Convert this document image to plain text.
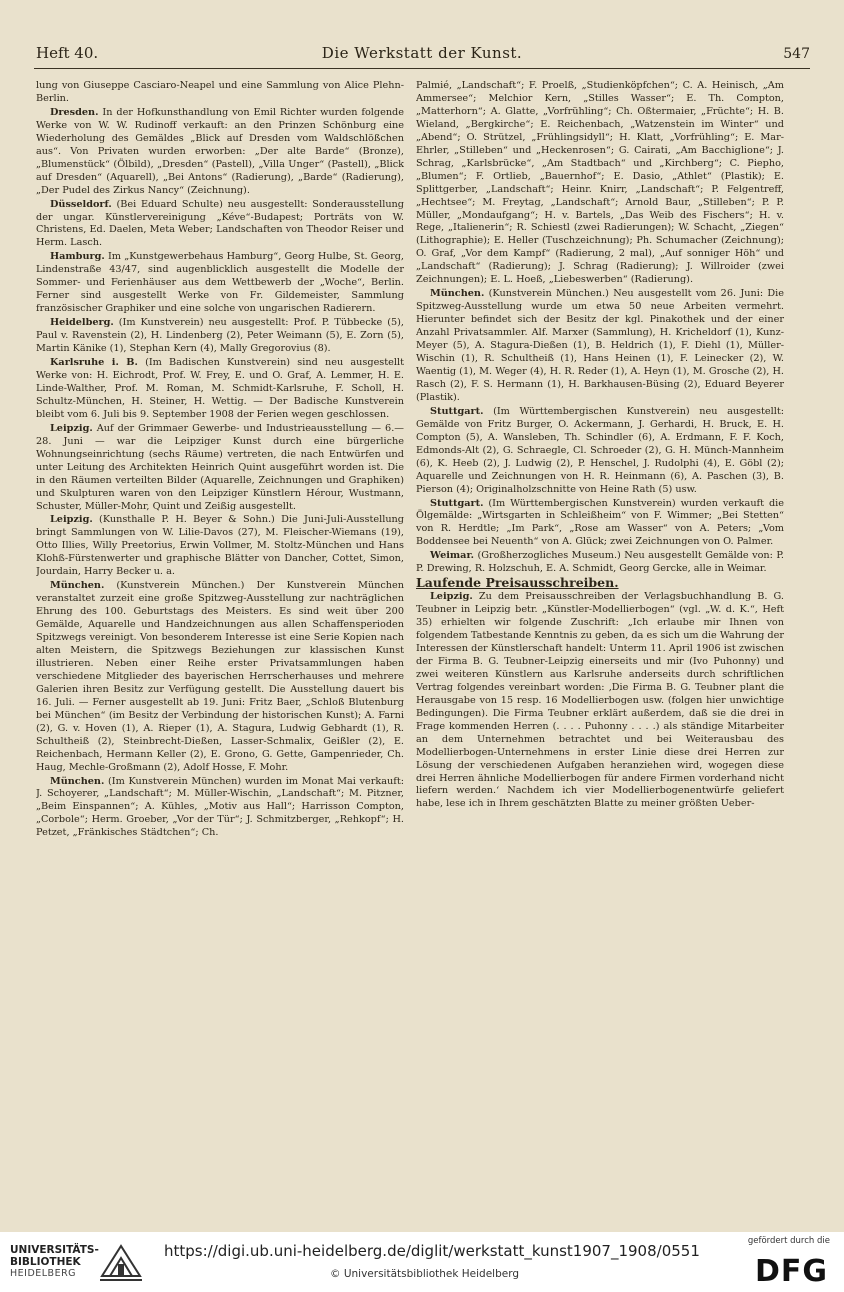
Heft 40.	Die Werkstatt der Kunst.	547

lung von Giuseppe Casciaro-Neapel und eine Sammlung von Alice Plehn-Berlin.

Dresden. In der Hofkunsthandlung von Emil Richter wurden folgende Werke von W. W. Rudinoff verkauft: an den Prinzen Schönburg eine Wiederholung des Gemäldes „Blick auf Dresden vom Waldschlößchen aus“. Von Privaten wurden erworben: „Der alte Barde“ (Bronze), „Blumenstück“ (Ölbild), „Dresden“ (Pastell), „Villa Unger“ (Pastell), „Blick auf Dresden“ (Aquarell), „Bei Antons“ (Radierung), „Barde“ (Radierung), „Der Pudel des Zirkus Nancy“ (Zeichnung).

Düsseldorf. (Bei Eduard Schulte) neu ausgestellt: Sonderausstellung der ungar. Künstlervereinigung „Kéve“-Budapest; Porträts von W. Christens, Ed. Daelen, Meta Weber; Landschaften von Theodor Reiser und Herm. Lasch.

Hamburg. Im „Kunstgewerbehaus Hamburg“, Georg Hulbe, St. Georg, Lindenstraße 43/47, sind augenblicklich ausgestellt die Modelle der Sommer- und Ferienhäuser aus dem Wettbewerb der „Woche“, Berlin. Ferner sind ausgestellt Werke von Fr. Gildemeister, Sammlung französischer Graphiker und eine solche von ungarischen Radierern.

Heidelberg. (Im Kunstverein) neu ausgestellt: Prof. P. Tübbecke (5), Paul v. Ravenstein (2), H. Lindenberg (2), Peter Weimann (5), E. Zorn (5), Martin Känike (1), Stephan Kern (4), Mally Gregorovius (8).

Karlsruhe i. B. (Im Badischen Kunstverein) sind neu ausgestellt Werke von: H. Eichrodt, Prof. W. Frey, E. und O. Graf, A. Lemmer, H. E. Linde-Walther, Prof. M. Roman, M. Schmidt-Karlsruhe, F. Scholl, H. Schultz-München, H. Steiner, H. Wettig. — Der Badische Kunstverein bleibt vom 6. Juli bis 9. September 1908 der Ferien wegen geschlossen.

Leipzig. Auf der Grimmaer Gewerbe- und Industrieausstellung — 6.—28. Juni — war die Leipziger Kunst durch eine bürgerliche Wohnungseinrichtung (sechs Räume) vertreten, die nach Entwürfen und unter Leitung des Architekten Heinrich Quint ausgeführt worden ist. Die in den Räumen verteilten Bilder (Aquarelle, Zeichnungen und Graphiken) und Skulpturen waren von den Leipziger Künstlern Hérour, Wustmann, Schuster, Müller-Mohr, Quint und Zeißig ausgestellt.

Leipzig. (Kunsthalle P. H. Beyer & Sohn.) Die Juni-Juli-Ausstellung bringt Sammlungen von W. Lilie-Davos (27), M. Fleischer-Wiemans (19), Otto Illies, Willy Preetorius, Erwin Vollmer, M. Stoltz-München und Hans Klohß-Fürstenwerter und graphische Blätter von Dancher, Cottet, Simon, Jourdain, Harry Becker u. a.

München. (Kunstverein München.) Der Kunstverein München veranstaltet zurzeit eine große Spitzweg-Ausstellung zur nachträglichen Ehrung des 100. Geburtstags des Meisters. Es sind weit über 200 Gemälde, Aquarelle und Handzeichnungen aus allen Schaffensperioden Spitzwegs vereinigt. Von besonderem Interesse ist eine Serie Kopien nach alten Meistern, die Spitzwegs Beziehungen zur klassischen Kunst illustrieren. Neben einer Reihe erster Privatsammlungen haben verschiedene Mitglieder des bayerischen Herrscherhauses und mehrere Galerien ihren Besitz zur Verfügung gestellt. Die Ausstellung dauert bis 16. Juli. — Ferner ausgestellt ab 19. Juni: Fritz Baer, „Schloß Blutenburg bei München“ (im Besitz der Verbindung der historischen Kunst); A. Farni (2), G. v. Hoven (1), A. Rieper (1), A. Stagura, Ludwig Gebhardt (1), R. Schultheiß (2), Steinbrecht-Dießen, Lasser-Schmalix, Geißler (2), E. Reichenbach, Hermann Keller (2), E. Grono, G. Gette, Gampenrieder, Ch. Haug, Mechle-Großmann (2), Adolf Hosse, F. Mohr.

München. (Im Kunstverein München) wurden im Monat Mai verkauft: J. Schoyerer, „Landschaft“; M. Müller-Wischin, „Landschaft“; M. Pitzner, „Beim Einspannen“; A. Kühles, „Motiv aus Hall“; Harrisson Compton, „Corbole“; Herm. Groeber, „Vor der Tür“; J. Schmitzberger, „Rehkopf“; H. Petzet, „Fränkisches Städtchen“; Ch.

Palmié, „Landschaft“; F. Proelß, „Studienköpfchen“; C. A. Heinisch, „Am Ammersee“; Melchior Kern, „Stilles Wasser“; E. Th. Compton, „Matterhorn“; A. Glatte, „Vorfrühling“; Ch. Oßtermaier, „Früchte“; H. B. Wieland, „Bergkirche“; E. Reichenbach, „Watzenstein im Winter“ und „Abend“; O. Strützel, „Frühlingsidyll“; H. Klatt, „Vorfrühling“; E. Mar-Ehrler, „Stilleben“ und „Heckenrosen“; G. Cairati, „Am Bacchiglione“; J. Schrag, „Karlsbrücke“, „Am Stadtbach“ und „Kirchberg“; C. Piepho, „Blumen“; F. Ortlieb, „Bauernhof“; E. Dasio, „Athlet“ (Plastik); E. Splittgerber, „Landschaft“; Heinr. Knirr, „Landschaft“; P. Felgentreff, „Hechtsee“; M. Freytag, „Landschaft“; Arnold Baur, „Stilleben“; P. P. Müller, „Mondaufgang“; H. v. Bartels, „Das Weib des Fischers“; H. v. Rege, „Italienerin“; R. Schiestl (zwei Radierungen); W. Schacht, „Ziegen“ (Lithographie); E. Heller (Tuschzeichnung); Ph. Schumacher (Zeichnung); O. Graf, „Vor dem Kampf“ (Radierung, 2 mal), „Auf sonniger Höh“ und „Landschaft“ (Radierung); J. Schrag (Radierung); J. Willroider (zwei Zeichnungen); E. L. Hoeß, „Liebeswerben“ (Radierung).

München. (Kunstverein München.) Neu ausgestellt vom 26. Juni: Die Spitzweg-Ausstellung wurde um etwa 50 neue Arbeiten vermehrt. Hierunter befindet sich der Besitz der kgl. Pinakothek und der einer Anzahl Privatsammler. Alf. Marxer (Sammlung), H. Kricheldorf (1), Kunz-Meyer (5), A. Stagura-Dießen (1), B. Heldrich (1), F. Diehl (1), Müller-Wischin (1), R. Schultheiß (1), Hans Heinen (1), F. Leinecker (2), W. Waentig (1), M. Weger (4), H. R. Reder (1), A. Heyn (1), M. Grosche (2), H. Rasch (2), F. S. Hermann (1), H. Barkhausen-Büsing (2), Eduard Beyerer (Plastik).

Stuttgart. (Im Württembergischen Kunstverein) neu ausgestellt: Gemälde von Fritz Burger, O. Ackermann, J. Gerhardi, H. Bruck, E. H. Compton (5), A. Wansleben, Th. Schindler (6), A. Erdmann, F. F. Koch, Edmonds-Alt (2), G. Schraegle, Cl. Schroeder (2), G. H. Münch-Mannheim (6), K. Heeb (2), J. Ludwig (2), P. Henschel, J. Rudolphi (4), E. Göbl (2); Aquarelle und Zeichnungen von H. R. Heinmann (6), A. Paschen (3), B. Pierson (4); Originalholzschnitte von Heine Rath (5) usw.

Stuttgart. (Im Württembergischen Kunstverein) wurden verkauft die Ölgemälde: „Wirtsgarten in Schleißheim“ von F. Wimmer; „Bei Stetten“ von R. Herdtle; „Im Park“, „Rose am Wasser“ von A. Peters; „Vom Boddensee bei Neuenth“ von A. Glück; zwei Zeichnungen von O. Palmer.

Weimar. (Großherzogliches Museum.) Neu ausgestellt Gemälde von: P. P. Drewing, R. Holzschuh, E. A. Schmidt, Georg Gercke, alle in Weimar.

Laufende Preisausschreiben.

Leipzig. Zu dem Preisausschreiben der Verlagsbuchhandlung B. G. Teubner in Leipzig betr. „Künstler-Modellierbogen“ (vgl. „W. d. K.“, Heft 35) erhielten wir folgende Zuschrift: „Ich erlaube mir Ihnen von folgendem Tatbestande Kenntnis zu geben, da es sich um die Wahrung der Interessen der Künstlerschaft handelt: Unterm 11. April 1906 ist zwischen der Firma B. G. Teubner-Leipzig einerseits und mir (Ivo Puhonny) und zwei weiteren Künstlern aus Karlsruhe anderseits durch schriftlichen Vertrag folgendes vereinbart worden: ,Die Firma B. G. Teubner plant die Herausgabe von 15 resp. 16 Modellierbogen usw. (folgen hier unwichtige Bedingungen). Die Firma Teubner erklärt außerdem, daß sie die drei in Frage kommenden Herren (. . . . Puhonny . . . .) als ständige Mitarbeiter an dem Unternehmen betrachtet und bei Weiterausbau des Modellierbogen-Unternehmens in erster Linie diese drei Herren zur Lösung der verschiedenen Aufgaben heranziehen wird, wogegen diese drei Herren ähnliche Modellierbogen für andere Firmen vorderhand nicht liefern werden.‘ Nachdem ich vier Modellierbogenentwürfe geliefert habe, lese ich in Ihrem geschätzten Blatte zu meiner größten Ueber-

UNIVERSITÄTS-
BIBLIOTHEK
HEIDELBERG
https://digi.ub.uni-heidelberg.de/diglit/werkstatt_kunst1907_1908/0551
© Universitätsbibliothek Heidelberg
gefördert durch die
DFG
